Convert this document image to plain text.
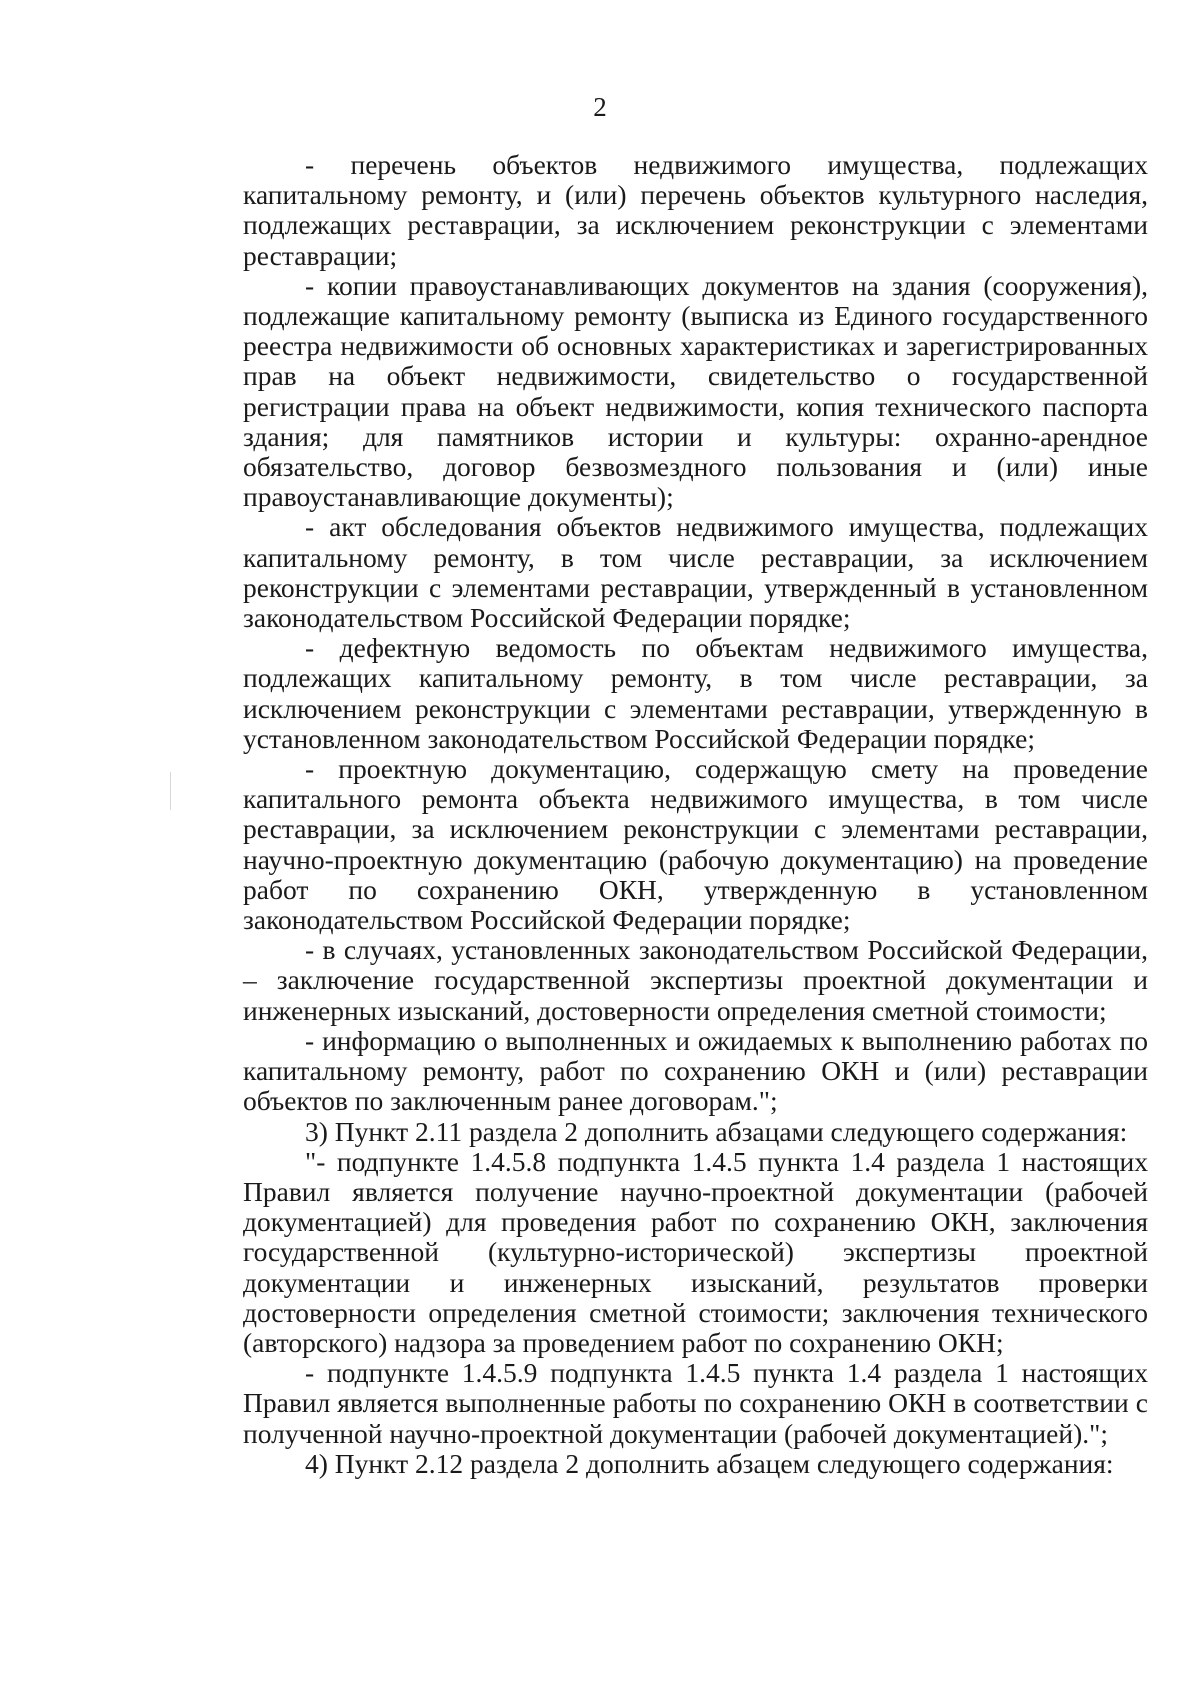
2

- перечень объектов недвижимого имущества, подлежащих капитальному ремонту, и (или) перечень объектов культурного наследия, подлежащих реставрации, за исключением реконструкции с элементами реставрации;

- копии правоустанавливающих документов на здания (сооружения), подлежащие капитальному ремонту (выписка из Единого государственного реестра недвижимости об основных характеристиках и зарегистрированных прав на объект недвижимости, свидетельство о государственной регистрации права на объект недвижимости, копия технического паспорта здания; для памятников истории и культуры: охранно-арендное обязательство, договор безвозмездного пользования и (или) иные правоустанавливающие документы);

- акт обследования объектов недвижимого имущества, подлежащих капитальному ремонту, в том числе реставрации, за исключением реконструкции с элементами реставрации, утвержденный в установленном законодательством Российской Федерации порядке;

- дефектную ведомость по объектам недвижимого имущества, подлежащих капитальному ремонту, в том числе реставрации, за исключением реконструкции с элементами реставрации, утвержденную в установленном законодательством Российской Федерации порядке;

- проектную документацию, содержащую смету на проведение капитального ремонта объекта недвижимого имущества, в том числе реставрации, за исключением реконструкции с элементами реставрации, научно-проектную документацию (рабочую документацию) на проведение работ по сохранению ОКН, утвержденную в установленном законодательством Российской Федерации порядке;

- в случаях, установленных законодательством Российской Федерации, – заключение государственной экспертизы проектной документации и инженерных изысканий, достоверности определения сметной стоимости;

- информацию о выполненных и ожидаемых к выполнению работах по капитальному ремонту, работ по сохранению ОКН и (или) реставрации объектов по заключенным ранее договорам.";

3) Пункт 2.11 раздела 2 дополнить абзацами следующего содержания:

"- подпункте 1.4.5.8 подпункта 1.4.5 пункта 1.4 раздела 1 настоящих Правил является получение научно-проектной документации (рабочей документацией) для проведения работ по сохранению ОКН, заключения государственной (культурно-исторической) экспертизы проектной документации и инженерных изысканий, результатов проверки достоверности определения сметной стоимости; заключения технического (авторского) надзора за проведением работ по сохранению ОКН;

- подпункте 1.4.5.9 подпункта 1.4.5 пункта 1.4 раздела 1 настоящих Правил является выполненные работы по сохранению ОКН в соответствии с полученной научно-проектной документации (рабочей документацией).";

4) Пункт 2.12 раздела 2 дополнить абзацем следующего содержания:
